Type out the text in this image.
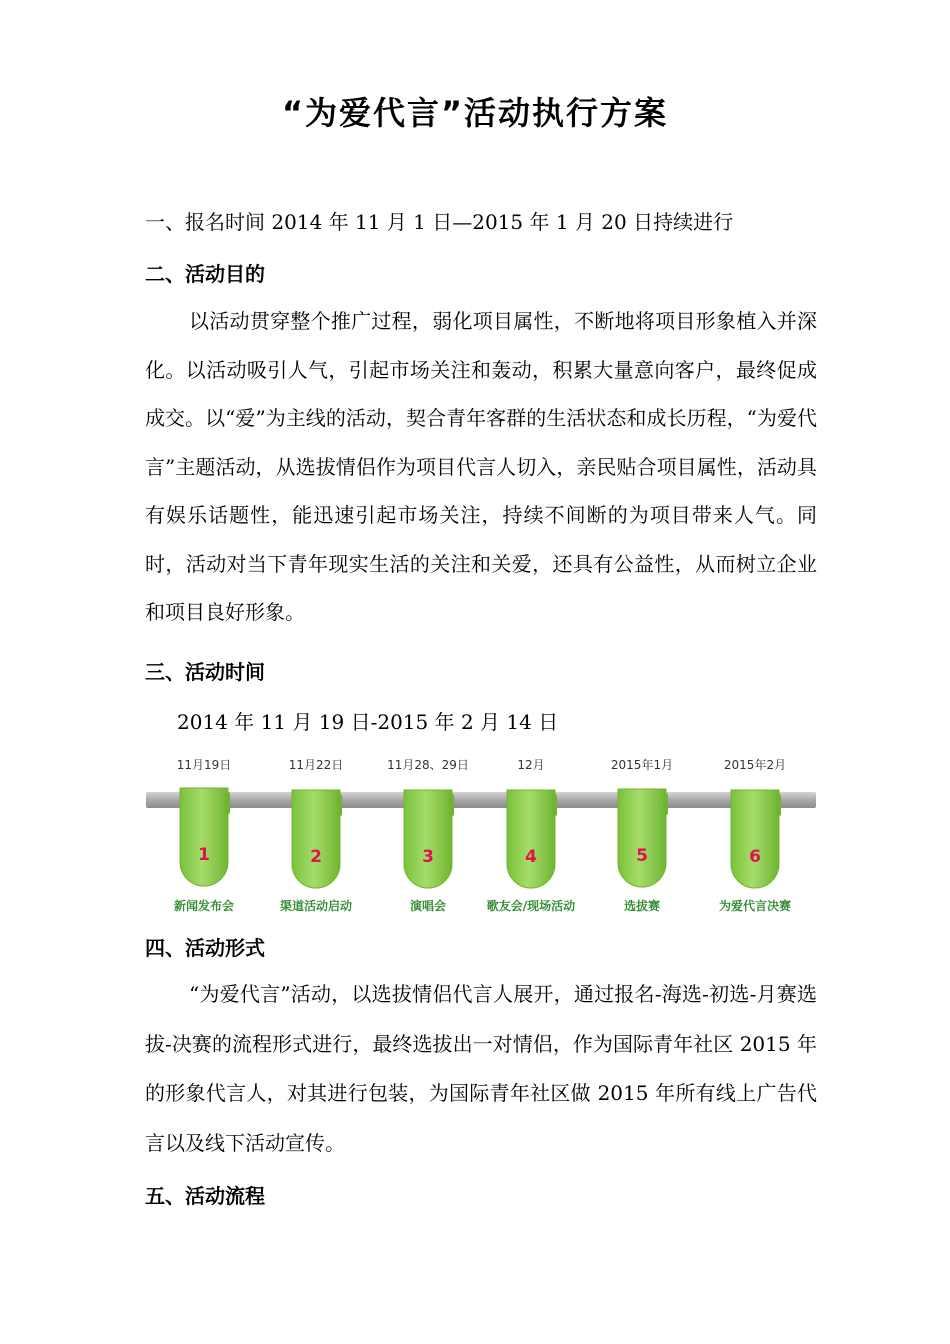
“为爱代言”活动执行方案
一、报名时间 2014 年 11 月 1 日—2015 年 1 月 20 日持续进行
二、活动目的
以活动贯穿整个推广过程，弱化项目属性，不断地将项目形象植入并深化。以活动吸引人气，引起市场关注和轰动，积累大量意向客户，最终促成成交。以“爱”为主线的活动，契合青年客群的生活状态和成长历程，“为爱代言”主题活动，从选拔情侣作为项目代言人切入，亲民贴合项目属性，活动具有娱乐话题性，能迅速引起市场关注，持续不间断的为项目带来人气。同时，活动对当下青年现实生活的关注和关爱，还具有公益性，从而树立企业和项目良好形象。
三、活动时间
2014 年 11 月 19 日-2015 年 2 月 14 日
11月19日
1
新闻发布会
11月22日
2
渠道活动启动
11月28、29日
3
演唱会
12月
4
歌友会/现场活动
2015年1月
5
选拔赛
2015年2月
6
为爱代言决赛
四、活动形式
“为爱代言”活动，以选拔情侣代言人展开，通过报名-海选-初选-月赛选拔-决赛的流程形式进行，最终选拔出一对情侣，作为国际青年社区 2015 年的形象代言人，对其进行包装，为国际青年社区做 2015 年所有线上广告代言以及线下活动宣传。
五、活动流程
